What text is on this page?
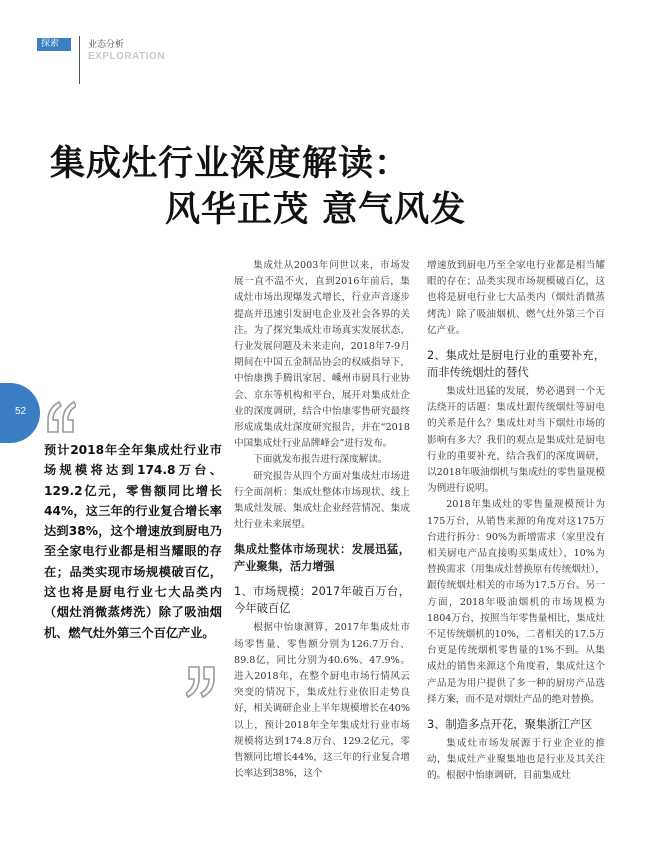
探索	业态分析
EXPLORATION
集成灶行业深度解读：
风华正茂 意气风发
52
预计2018年全年集成灶行业市场规模将达到174.8万台、129.2亿元，零售额同比增长44%，这三年的行业复合增长率达到38%，这个增速放到厨电乃至全家电行业都是相当耀眼的存在；品类实现市场规模破百亿，这也将是厨电行业七大品类内（烟灶消微蒸烤洗）除了吸油烟机、燃气灶外第三个百亿产业。

集成灶从2003年问世以来，市场发展一直不温不火，直到2016年前后，集成灶市场出现爆发式增长，行业声音逐步提高并迅速引发厨电企业及社会各界的关注。为了探究集成灶市场真实发展状态、行业发展问题及未来走向，2018年7-9月期间在中国五金制品协会的权威指导下，中怡康携手腾讯家居、嵊州市厨具行业协会、京东等机构和平台，展开对集成灶企业的深度调研，结合中怡康零售研究最终形成成集成灶深度研究报告，并在“2018中国集成灶行业品牌峰会”进行发布。

下面就发布报告进行深度解读。

研究报告从四个方面对集成灶市场进行全面剖析：集成灶整体市场现状、线上集成灶发展、集成灶企业经营情况、集成灶行业未来展望。

集成灶整体市场现状：发展迅猛，产业聚集，活力增强
1、市场规模：2017年破百万台，今年破百亿

根据中怡康测算，2017年集成灶市场零售量、零售额分别为126.7万台、89.8亿，同比分别为40.6%、47.9%。进入2018年，在整个厨电市场行情风云突变的情况下，集成灶行业依旧走势良好，相关调研企业上半年规模增长在40%以上，预计2018年全年集成灶行业市场规模将达到174.8万台、129.2亿元，零售额同比增长44%，这三年的行业复合增长率达到38%，这个

增速放到厨电乃至全家电行业都是相当耀眼的存在；品类实现市场规模破百亿，这也将是厨电行业七大品类内（烟灶消微蒸烤洗）除了吸油烟机、燃气灶外第三个百亿产业。

2、集成灶是厨电行业的重要补充，而非传统烟灶的替代

集成灶迅猛的发展，势必遇到一个无法绕开的话题：集成灶跟传统烟灶等厨电的关系是什么？集成灶对当下烟灶市场的影响有多大？我们的观点是集成灶是厨电行业的重要补充，结合我们的深度调研，以2018年吸油烟机与集成灶的零售量规模为例进行说明。

2018年集成灶的零售量规模预计为175万台，从销售来源的角度对这175万台进行拆分：90%为新增需求（家里没有相关厨电产品直接购买集成灶），10%为替换需求（用集成灶替换原有传统烟灶），跟传统烟灶相关的市场为17.5万台。另一方面，2018年吸油烟机的市场规模为1804万台，按照当年零售量相比，集成灶不足传统烟机的10%，二者相关的17.5万台更是传统烟机零售量的1%不到。从集成灶的销售来源这个角度看，集成灶这个产品是为用户提供了多一种的厨房产品选择方案，而不是对烟灶产品的绝对替换。

3、制造多点开花，聚集浙江产区

集成灶市场发展源于行业企业的推动，集成灶产业聚集地也是行业及其关注的。根据中怡康调研，目前集成灶
